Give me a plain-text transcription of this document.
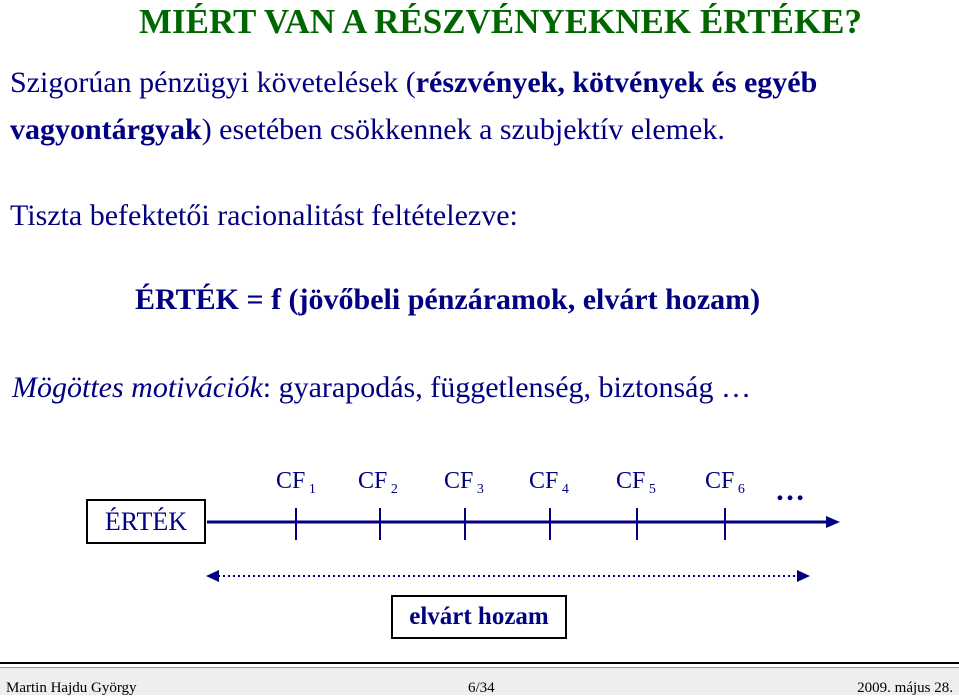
MIÉRT VAN A RÉSZVÉNYEKNEK ÉRTÉKE?
Szigorúan pénzügyi követelések (részvények, kötvények és egyéb
vagyontárgyak) esetében csökkennek a szubjektív elemek.
Tiszta befektetői racionalitást feltételezve:
ÉRTÉK = f (jövőbeli pénzáramok, elvárt hozam)
Mögöttes motivációk: gyarapodás, függetlenség, biztonság …
ÉRTÉK
CF $_1$ CF $_2$ CF $_3$ CF $_4$ CF $_5$ CF $_6$ …
elvárt hozam
Martin Hajdu György	6/34	2009. május 28.
